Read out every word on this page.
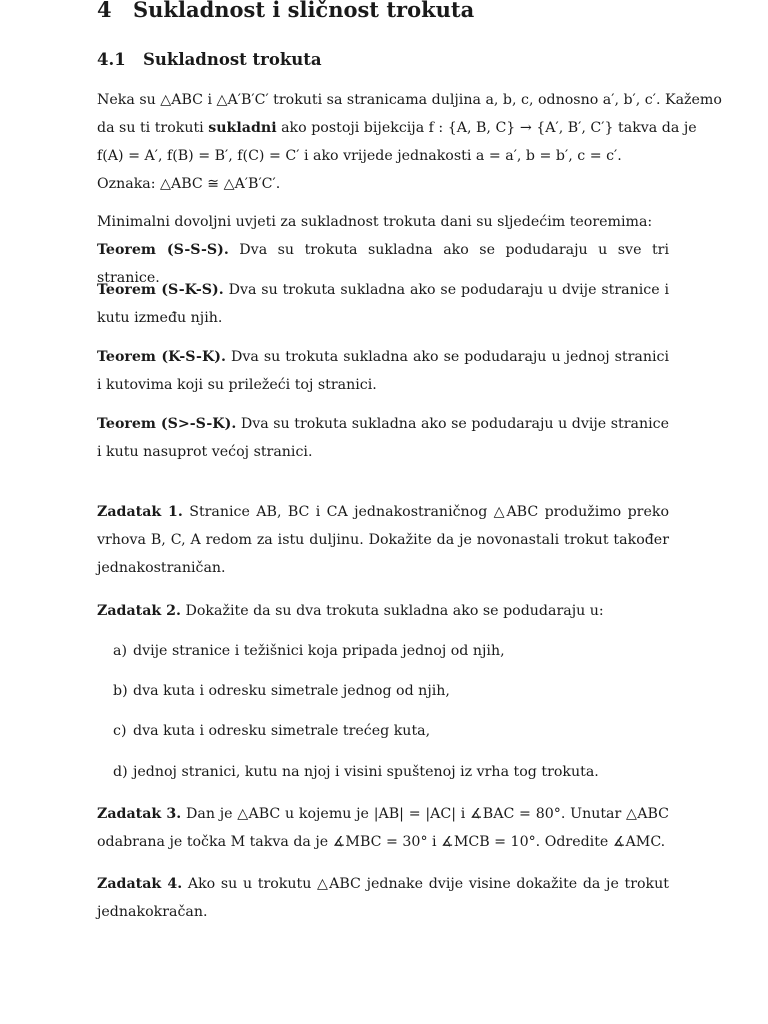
4 Sukladnost i sličnost trokuta
4.1 Sukladnost trokuta

Neka su △ABC i △A′B′C′ trokuti sa stranicama duljina a, b, c, odnosno a′, b′, c′. Kažemo

da su ti trokuti sukladni ako postoji bijekcija f : {A, B, C} → {A′, B′, C′} takva da je

f(A) = A′, f(B) = B′, f(C) = C′ i ako vrijede jednakosti a = a′, b = b′, c = c′.

Oznaka: △ABC ≅ △A′B′C′.

Minimalni dovoljni uvjeti za sukladnost trokuta dani su sljedećim teoremima:

Teorem (S-S-S). Dva su trokuta sukladna ako se podudaraju u sve tri stranice.

Teorem (S-K-S). Dva su trokuta sukladna ako se podudaraju u dvije stranice i kutu između njih.

Teorem (K-S-K). Dva su trokuta sukladna ako se podudaraju u jednoj stranici i kutovima koji su priležeći toj stranici.

Teorem (S>-S-K). Dva su trokuta sukladna ako se podudaraju u dvije stranice i kutu nasuprot većoj stranici.

Zadatak 1. Stranice AB, BC i CA jednakostraničnog △ABC produžimo preko vrhova B, C, A redom za istu duljinu. Dokažite da je novonastali trokut također jednakostraničan.

Zadatak 2. Dokažite da su dva trokuta sukladna ako se podudaraju u:

a) dvije stranice i težišnici koja pripada jednoj od njih,
b) dva kuta i odresku simetrale jednog od njih,
c) dva kuta i odresku simetrale trećeg kuta,
d) jednoj stranici, kutu na njoj i visini spuštenoj iz vrha tog trokuta.

Zadatak 3. Dan je △ABC u kojemu je |AB| = |AC| i ∡BAC = 80°. Unutar △ABC odabrana je točka M takva da je ∡MBC = 30° i ∡MCB = 10°. Odredite ∡AMC.

Zadatak 4. Ako su u trokutu △ABC jednake dvije visine dokažite da je trokut jednakokračan.
